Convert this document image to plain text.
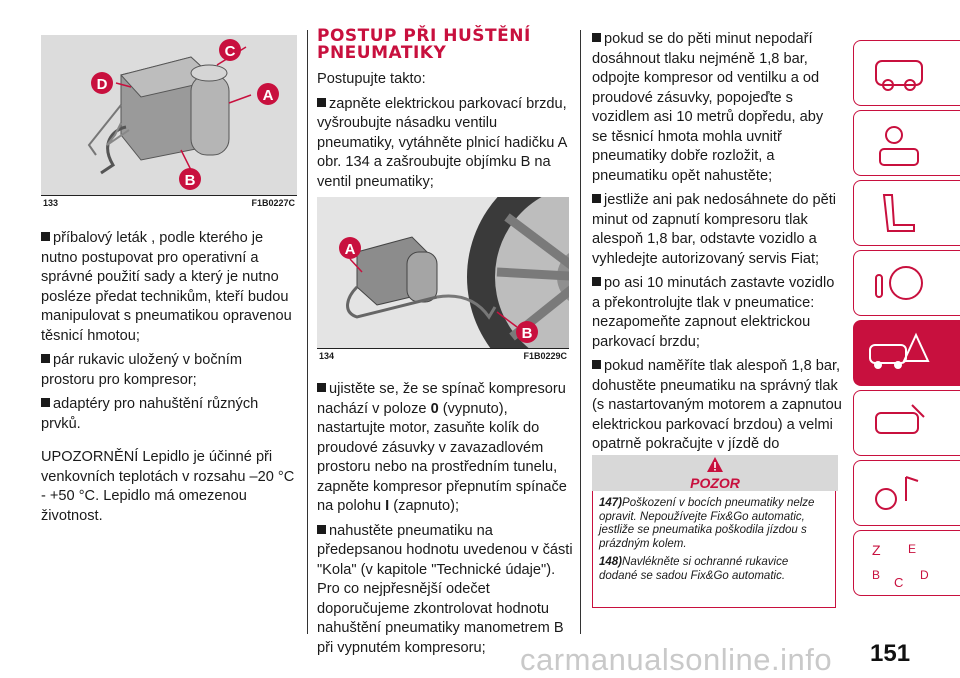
C
D
A
B
133	F1B0227C

příbalový leták , podle kterého je nutno postupovat pro operativní a správné použití sady a který je nutno posléze předat technikům, kteří budou manipulovat s pneumatikou opravenou těsnicí hmotou;

pár rukavic uložený v bočním prostoru pro kompresor;

adaptéry pro nahuštění různých prvků.

UPOZORNĚNÍ Lepidlo je účinné při venkovních teplotách v rozsahu –20 °C - +50 °C. Lepidlo má omezenou životnost.

POSTUP PŘI HUŠTĚNÍ PNEUMATIKY

Postupujte takto:

zapněte elektrickou parkovací brzdu, vyšroubujte násadku ventilu pneumatiky, vytáhněte plnicí hadičku A obr. 134 a zašroubujte objímku B na ventil pneumatiky;

A
B
134	F1B0229C

ujistěte se, že se spínač kompresoru nachází v poloze 0 (vypnuto), nastartujte motor, zasuňte kolík do proudové zásuvky v zavazadlovém prostoru nebo na prostředním tunelu, zapněte kompresor přepnutím spínače na polohu I (zapnuto);

nahustěte pneumatiku na předepsanou hodnotu uvedenou v části "Kola" (v kapitole "Technické údaje"). Pro co nejpřesnější odečet doporučujeme zkontrolovat hodnotu nahuštění pneumatiky manometrem B při vypnutém kompresoru;

pokud se do pěti minut nepodaří dosáhnout tlaku nejméně 1,8 bar, odpojte kompresor od ventilku a od proudové zásuvky, popojeďte s vozidlem asi 10 metrů dopředu, aby se těsnicí hmota mohla uvnitř pneumatiky dobře rozložit, a pneumatiku opět nahustěte;

jestliže ani pak nedosáhnete do pěti minut od zapnutí kompresoru tlak alespoň 1,8 bar, odstavte vozidlo a vyhledejte autorizovaný servis Fiat;

po asi 10 minutách zastavte vozidlo a překontrolujte tlak v pneumatice: nezapomeňte zapnout elektrickou parkovací brzdu;

pokud naměříte tlak alespoň 1,8 bar, dohustěte pneumatiku na správný tlak (s nastartovaným motorem a zapnutou elektrickou parkovací brzdou) a velmi opatrně pokračujte v jízdě do

POZOR

147)Poškození v bocích pneumatiky nelze opravit. Nepoužívejte Fix&Go automatic, jestliže se pneumatika poškodila jízdou s prázdným kolem.

148)Navlékněte si ochranné rukavice dodané se sadou Fix&Go automatic.

Z E
B C D
carmanualsonline.info 151
